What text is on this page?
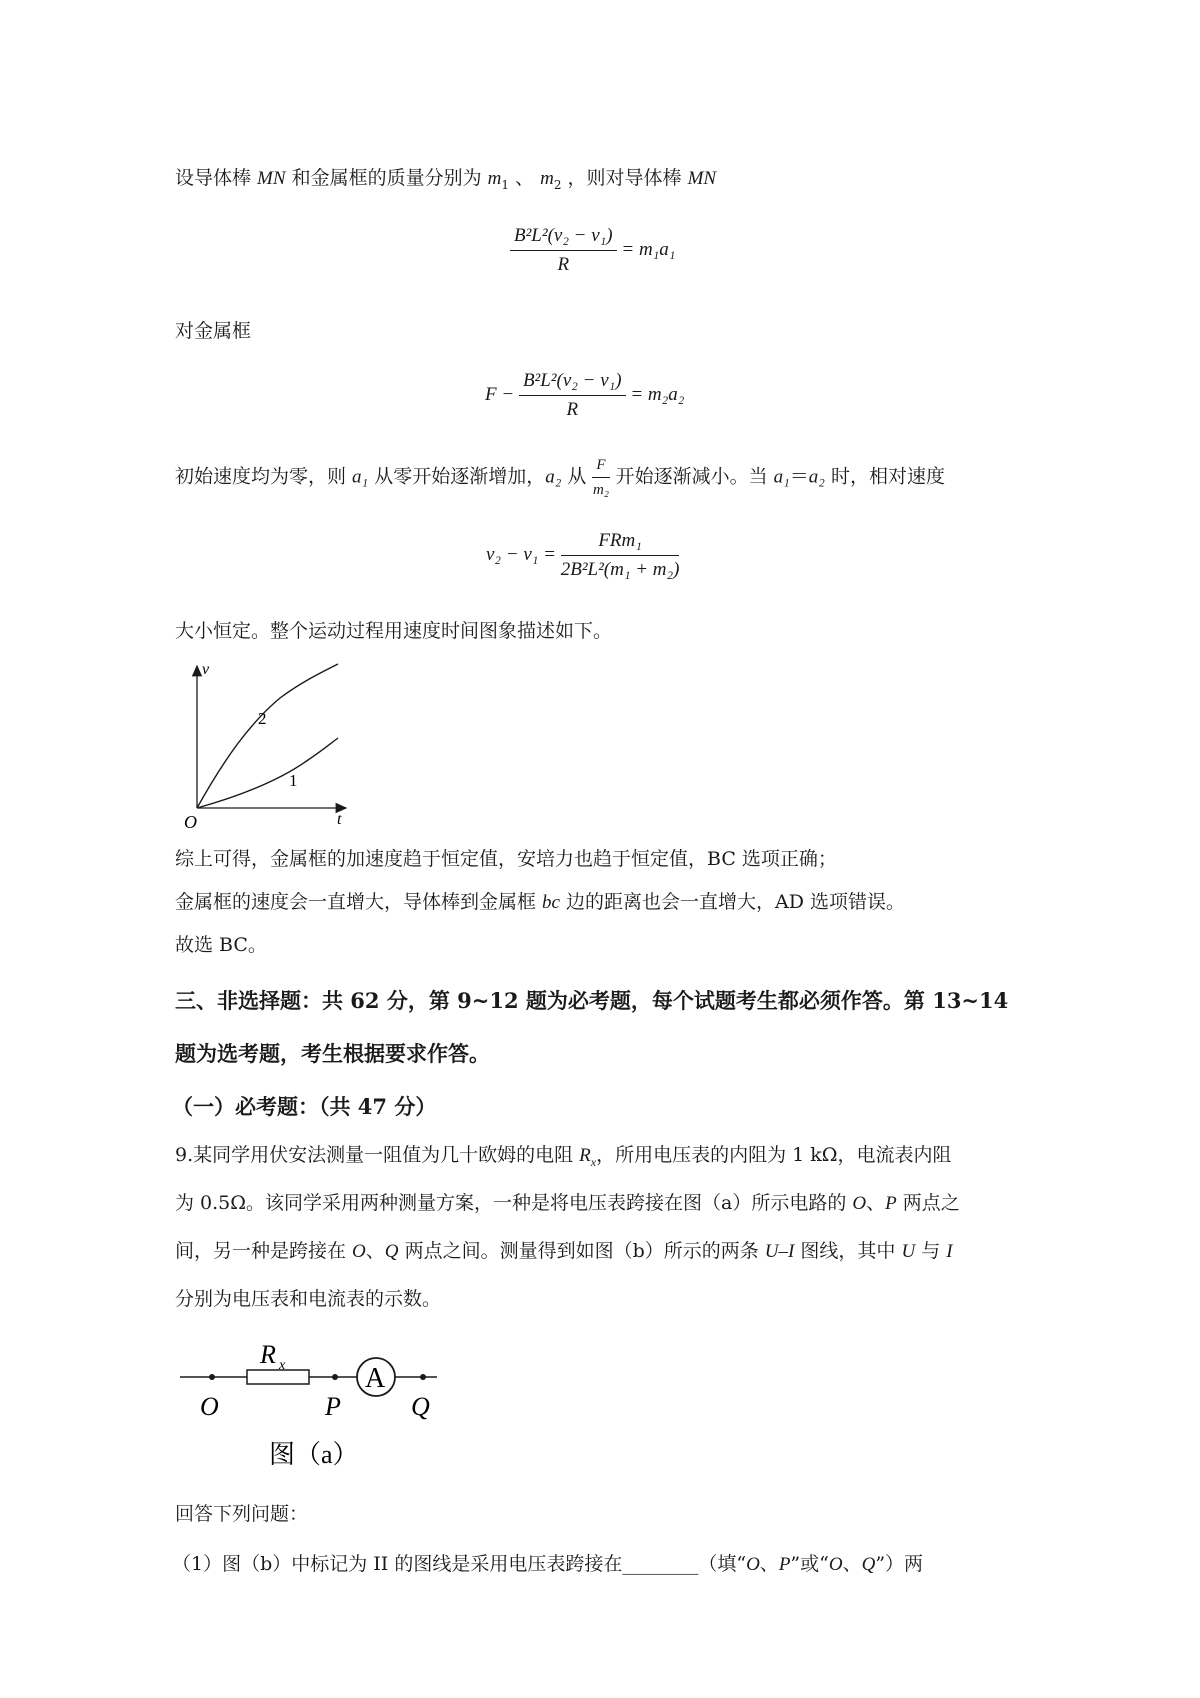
设导体棒 MN 和金属框的质量分别为 $m_1$ 、 $m_2$ ，则对导体棒 MN
$\frac{\text{B²L²(v₂ − v₁)}}{R} = m_1a_1$
对金属框
$F - \frac{\text{B²L²(v₂ − v₁)}}{R} = m_2a_2$
初始速度均为零，则 a₁ 从零开始逐渐增加，a₂ 从 $\frac{F}{\text{m₂}}$ 开始逐渐减小。当 a₁＝a₂ 时，相对速度
$v_2 - v_1 = \frac{\text{FRm₁}}{\text{2B²L²(m₁ + m₂)}}$
大小恒定。整个运动过程用速度时间图象描述如下。
v
t
O
2
1
综上可得，金属框的加速度趋于恒定值，安培力也趋于恒定值，BC 选项正确；
金属框的速度会一直增大，导体棒到金属框 bc 边的距离也会一直增大，AD 选项错误。
故选 BC。
三、非选择题：共 62 分，第 9~12 题为必考题，每个试题考生都必须作答。第 13~14
题为选考题，考生根据要求作答。
（一）必考题：（共 47 分）
9.某同学用伏安法测量一阻值为几十欧姆的电阻 $R_x$，所用电压表的内阻为 1 kΩ，电流表内阻
为 0.5Ω。该同学采用两种测量方案，一种是将电压表跨接在图（a）所示电路的 O、P 两点之
间，另一种是跨接在 O、Q 两点之间。测量得到如图（b）所示的两条 U–I 图线，其中 U 与 I
分别为电压表和电流表的示数。
R x	A
O	P	Q
图（a）
回答下列问题：
（1）图（b）中标记为 II 的图线是采用电压表跨接在________（填“O、P”或“O、Q”）两
